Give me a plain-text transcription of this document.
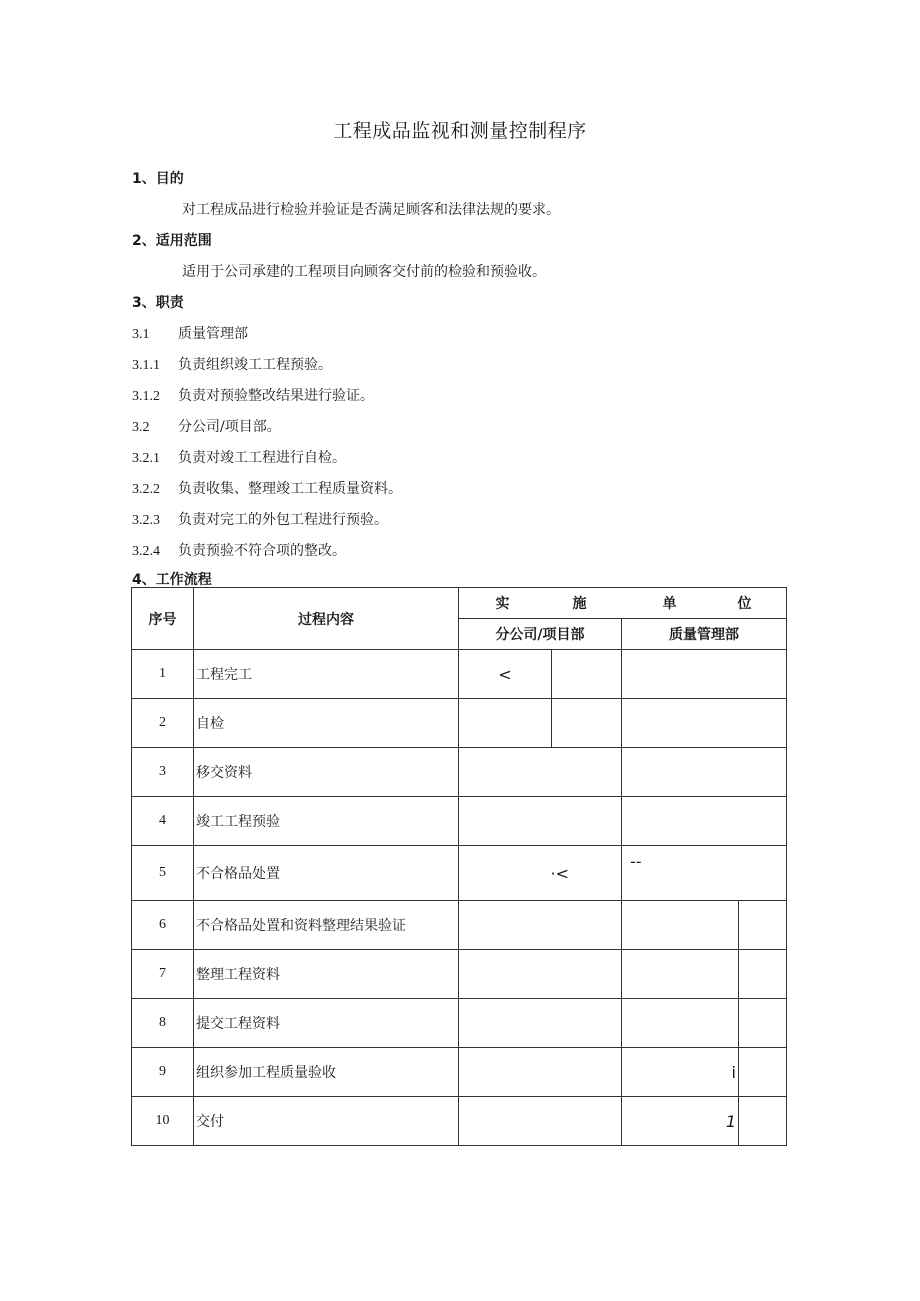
工程成品监视和测量控制程序
1、目的
对工程成品进行检验并验证是否满足顾客和法律法规的要求。
2、适用范围
适用于公司承建的工程项目向顾客交付前的检验和预验收。
3、职责
3.1 质量管理部
3.1.1 负责组织竣工工程预验。
3.1.2 负责对预验整改结果进行验证。
3.2 分公司/项目部。
3.2.1 负责对竣工工程进行自检。
3.2.2 负责收集、整理竣工工程质量资料。
3.2.3 负责对完工的外包工程进行预验。
3.2.4 负责预验不符合项的整改。
4、工作流程
序号	过程内容	实 施 单 位			
		分公司/项目部		质量管理部	
1	工程完工	<			
2	自检				
3	移交资料				
4	竣工工程预验				
5	不合格品处置	·<		--	
6	不合格品处置和资料整理结果验证				
7	整理工程资料				
8	提交工程资料				
9	组织参加工程质量验收			i	
10	交付			1	
